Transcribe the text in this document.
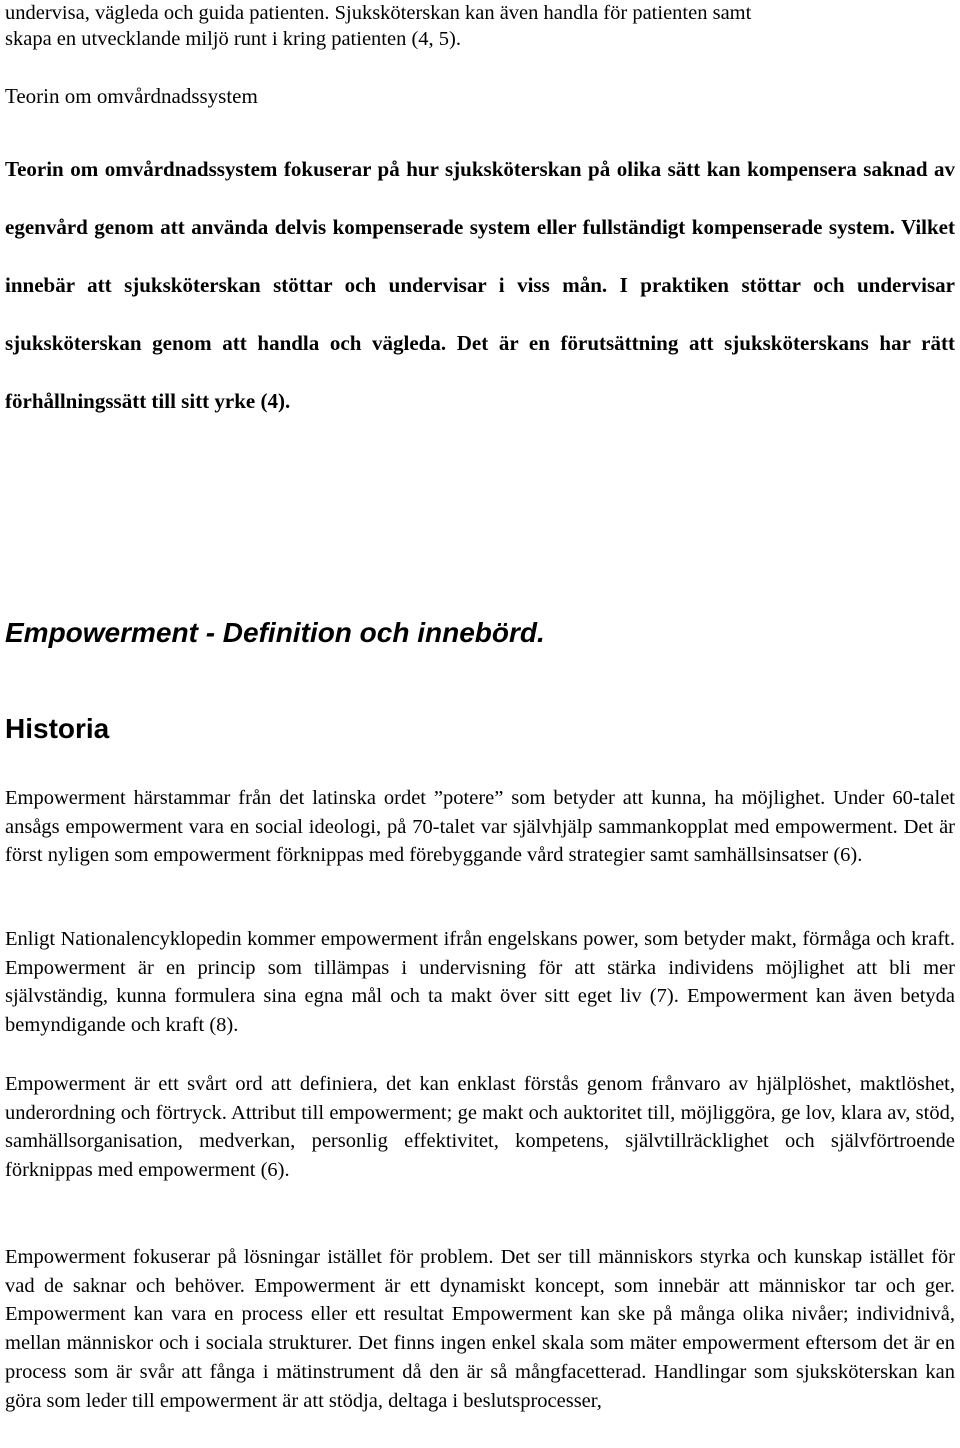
undervisa, vägleda och guida patienten. Sjuksköterskan kan även handla för patienten samt

skapa en utvecklande miljö runt i kring patienten (4, 5).

Teorin om omvårdnadssystem

Teorin om omvårdnadssystem fokuserar på hur sjuksköterskan på olika sätt kan kompensera saknad av egenvård genom att använda delvis kompenserade system eller fullständigt kompenserade system. Vilket innebär att sjuksköterskan stöttar och undervisar i viss mån. I praktiken stöttar och undervisar sjuksköterskan genom att handla och vägleda. Det är en förutsättning att sjuksköterskans har rätt förhållningssätt till sitt yrke (4).

Empowerment - Definition och innebörd.
Historia

Empowerment härstammar från det latinska ordet ”potere” som betyder att kunna, ha möjlighet. Under 60-talet ansågs empowerment vara en social ideologi, på 70-talet var självhjälp sammankopplat med empowerment. Det är först nyligen som empowerment förknippas med förebyggande vård strategier samt samhällsinsatser (6).

Enligt Nationalencyklopedin kommer empowerment ifrån engelskans power, som betyder makt, förmåga och kraft. Empowerment är en princip som tillämpas i undervisning för att stärka individens möjlighet att bli mer självständig, kunna formulera sina egna mål och ta makt över sitt eget liv (7). Empowerment kan även betyda bemyndigande och kraft (8).

Empowerment är ett svårt ord att definiera, det kan enklast förstås genom frånvaro av hjälplöshet, maktlöshet, underordning och förtryck. Attribut till empowerment; ge makt och auktoritet till, möjliggöra, ge lov, klara av, stöd, samhällsorganisation, medverkan, personlig effektivitet, kompetens, självtillräcklighet och självförtroende förknippas med empowerment (6).

Empowerment fokuserar på lösningar istället för problem. Det ser till människors styrka och kunskap istället för vad de saknar och behöver. Empowerment är ett dynamiskt koncept, som innebär att människor tar och ger. Empowerment kan vara en process eller ett resultat Empowerment kan ske på många olika nivåer; individnivå, mellan människor och i sociala strukturer. Det finns ingen enkel skala som mäter empowerment eftersom det är en process som är svår att fånga i mätinstrument då den är så mångfacetterad. Handlingar som sjuksköterskan kan göra som leder till empowerment är att stödja, deltaga i beslutsprocesser,
